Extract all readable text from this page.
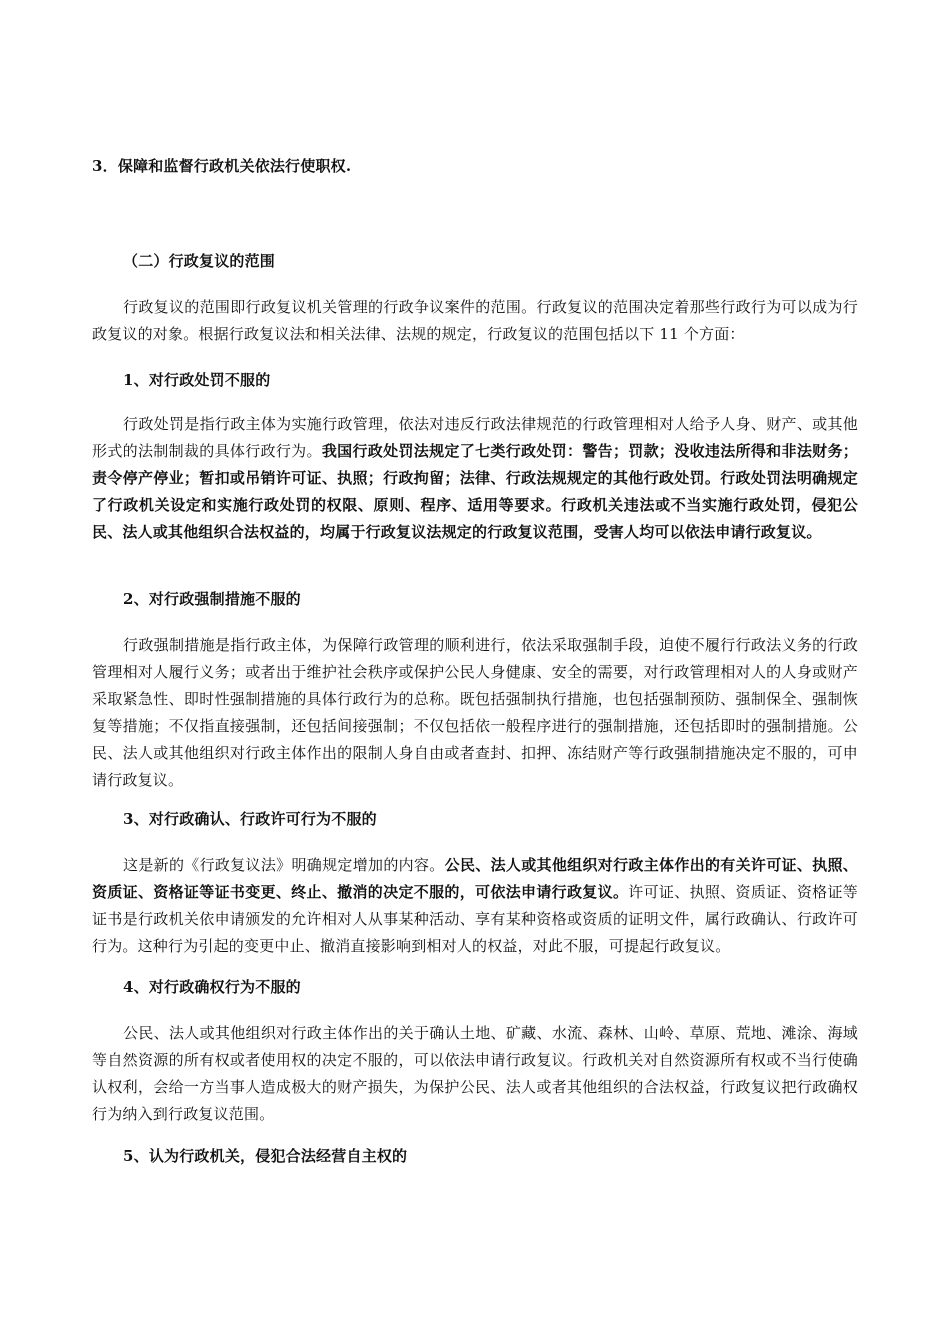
3．保障和监督行政机关依法行使职权.

（二）行政复议的范围

行政复议的范围即行政复议机关管理的行政争议案件的范围。行政复议的范围决定着那些行政行为可以成为行政复议的对象。根据行政复议法和相关法律、法规的规定，行政复议的范围包括以下 11 个方面：

1、对行政处罚不服的

行政处罚是指行政主体为实施行政管理，依法对违反行政法律规范的行政管理相对人给予人身、财产、或其他形式的法制制裁的具体行政行为。我国行政处罚法规定了七类行政处罚：警告；罚款；没收违法所得和非法财务；责令停产停业；暂扣或吊销许可证、执照；行政拘留；法律、行政法规规定的其他行政处罚。行政处罚法明确规定了行政机关设定和实施行政处罚的权限、原则、程序、适用等要求。行政机关违法或不当实施行政处罚，侵犯公民、法人或其他组织合法权益的，均属于行政复议法规定的行政复议范围，受害人均可以依法申请行政复议。

2、对行政强制措施不服的

行政强制措施是指行政主体，为保障行政管理的顺利进行，依法采取强制手段，迫使不履行行政法义务的行政管理相对人履行义务；或者出于维护社会秩序或保护公民人身健康、安全的需要，对行政管理相对人的人身或财产采取紧急性、即时性强制措施的具体行政行为的总称。既包括强制执行措施，也包括强制预防、强制保全、强制恢复等措施；不仅指直接强制，还包括间接强制；不仅包括依一般程序进行的强制措施，还包括即时的强制措施。公民、法人或其他组织对行政主体作出的限制人身自由或者查封、扣押、冻结财产等行政强制措施决定不服的，可申请行政复议。

3、对行政确认、行政许可行为不服的

这是新的《行政复议法》明确规定增加的内容。公民、法人或其他组织对行政主体作出的有关许可证、执照、资质证、资格证等证书变更、终止、撤消的决定不服的，可依法申请行政复议。许可证、执照、资质证、资格证等证书是行政机关依申请颁发的允许相对人从事某种活动、享有某种资格或资质的证明文件，属行政确认、行政许可行为。这种行为引起的变更中止、撤消直接影响到相对人的权益，对此不服，可提起行政复议。

4、对行政确权行为不服的

公民、法人或其他组织对行政主体作出的关于确认土地、矿藏、水流、森林、山岭、草原、荒地、滩涂、海域等自然资源的所有权或者使用权的决定不服的，可以依法申请行政复议。行政机关对自然资源所有权或不当行使确认权利，会给一方当事人造成极大的财产损失，为保护公民、法人或者其他组织的合法权益，行政复议把行政确权行为纳入到行政复议范围。

5、认为行政机关，侵犯合法经营自主权的
